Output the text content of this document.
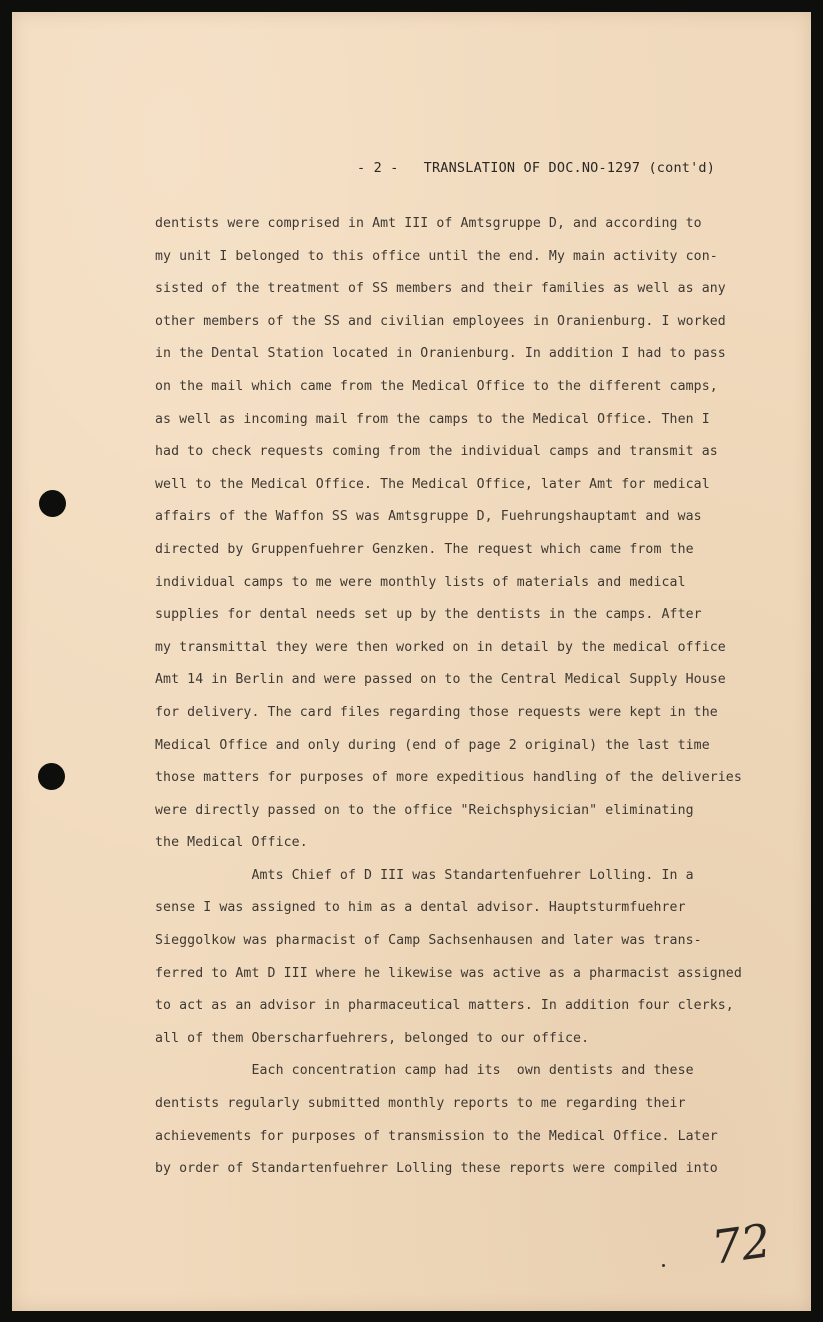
- 2 -   TRANSLATION OF DOC.NO-1297 (cont'd)
dentists were comprised in Amt III of Amtsgruppe D, and according to
my unit I belonged to this office until the end. My main activity con-
sisted of the treatment of SS members and their families as well as any
other members of the SS and civilian employees in Oranienburg. I worked
in the Dental Station located in Oranienburg. In addition I had to pass
on the mail which came from the Medical Office to the different camps,
as well as incoming mail from the camps to the Medical Office. Then I
had to check requests coming from the individual camps and transmit as
well to the Medical Office. The Medical Office, later Amt for medical
affairs of the Waffon SS was Amtsgruppe D, Fuehrungshauptamt and was
directed by Gruppenfuehrer Genzken. The request which came from the
individual camps to me were monthly lists of materials and medical
supplies for dental needs set up by the dentists in the camps. After
my transmittal they were then worked on in detail by the medical office
Amt 14 in Berlin and were passed on to the Central Medical Supply House
for delivery. The card files regarding those requests were kept in the
Medical Office and only during (end of page 2 original) the last time
those matters for purposes of more expeditious handling of the deliveries
were directly passed on to the office "Reichsphysician" eliminating
the Medical Office.
Amts Chief of D III was Standartenfuehrer Lolling. In a
sense I was assigned to him as a dental advisor. Hauptsturmfuehrer
Sieggolkow was pharmacist of Camp Sachsenhausen and later was trans-
ferred to Amt D III where he likewise was active as a pharmacist assigned
to act as an advisor in pharmaceutical matters. In addition four clerks,
all of them Oberscharfuehrers, belonged to our office.
Each concentration camp had its  own dentists and these
dentists regularly submitted monthly reports to me regarding their
achievements for purposes of transmission to the Medical Office. Later
by order of Standartenfuehrer Lolling these reports were compiled into
72
